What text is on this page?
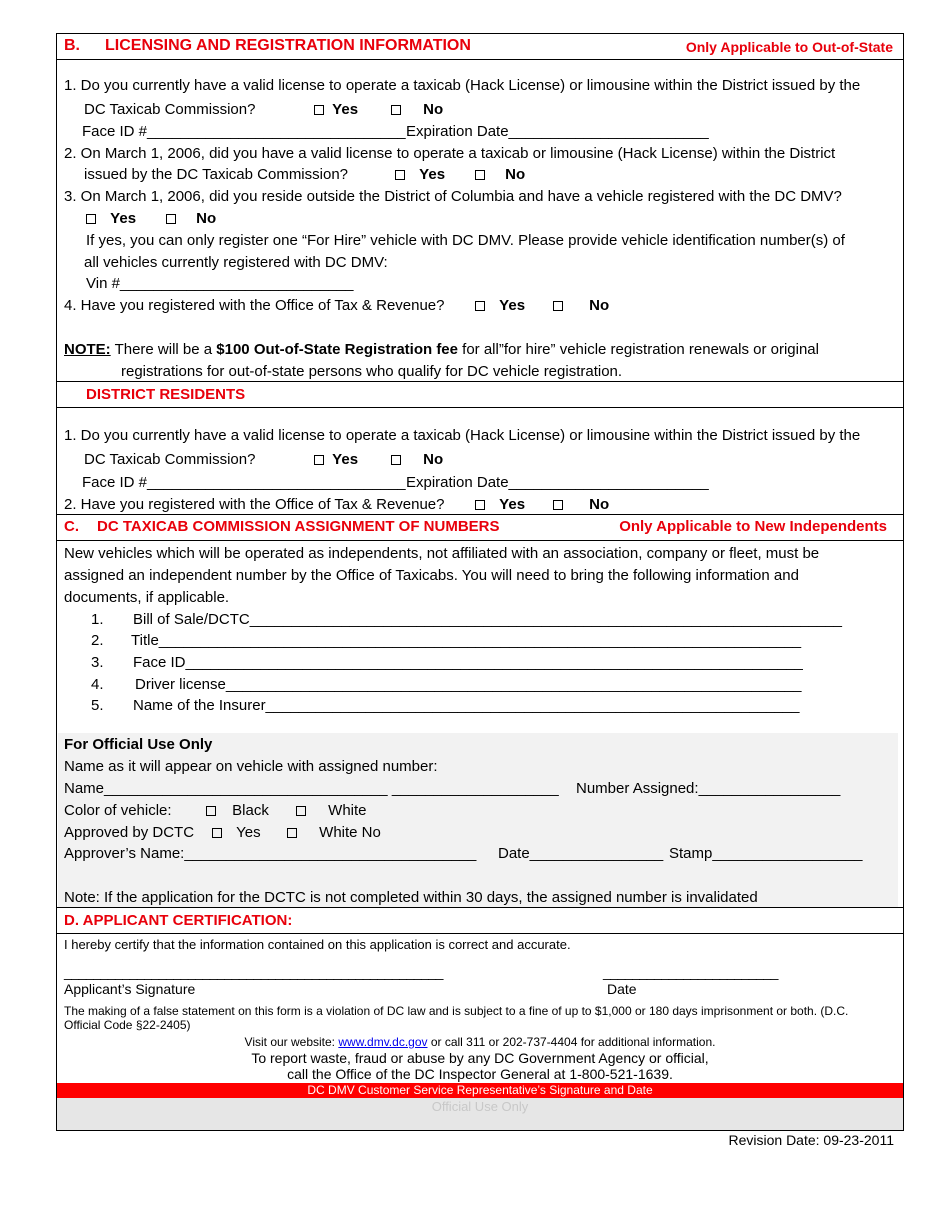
B. LICENSING AND REGISTRATION INFORMATION	Only Applicable to Out-of-State
1. Do you currently have a valid license to operate a taxicab (Hack License) or limousine within the District issued by the
DC Taxicab Commission?	Yes	No
Face ID #_______________________________ Expiration Date________________________
2. On March 1, 2006, did you have a valid license to operate a taxicab or limousine (Hack License) within the District
issued by the DC Taxicab Commission?	Yes	No
3. On March 1, 2006, did you reside outside the District of Columbia and have a vehicle registered with the DC DMV?
Yes	No
If yes, you can only register one “For Hire” vehicle with DC DMV. Please provide vehicle identification number(s) of
all vehicles currently registered with DC DMV:
Vin #____________________________
4. Have you registered with the Office of Tax & Revenue?	Yes	No
NOTE: There will be a $100 Out-of-State Registration fee for all”for hire” vehicle registration renewals or original
registrations for out-of-state persons who qualify for DC vehicle registration.
DISTRICT RESIDENTS
1. Do you currently have a valid license to operate a taxicab (Hack License) or limousine within the District issued by the
DC Taxicab Commission?	Yes	No
Face ID #_______________________________ Expiration Date________________________
2. Have you registered with the Office of Tax & Revenue?	Yes	No
C. DC TAXICAB COMMISSION ASSIGNMENT OF NUMBERS	Only Applicable to New Independents
New vehicles which will be operated as independents, not affiliated with an association, company or fleet, must be
assigned an independent number by the Office of Taxicabs. You will need to bring the following information and
documents, if applicable.
1. Bill of Sale/DCTC_______________________________________________________________________
2. Title_____________________________________________________________________________
3. Face ID__________________________________________________________________________
4. Driver license_____________________________________________________________________
5. Name of the Insurer________________________________________________________________
For Official Use Only
Name as it will appear on vehicle with assigned number:
Name__________________________________ ____________________ Number Assigned:_________________
Color of vehicle:	Black	White
Approved by DCTC	Yes	White No
Approver’s Name:___________________________________ Date________________ Stamp__________________
Note: If the application for the DCTC is not completed within 30 days, the assigned number is invalidated
D. APPLICANT CERTIFICATION:
I hereby certify that the information contained on this application is correct and accurate.
____________________________________________________	________________________
Applicant’s Signature	Date
The making of a false statement on this form is a violation of DC law and is subject to a fine of up to $1,000 or 180 days imprisonment or both. (D.C.
Official Code §22-2405)
Visit our website: www.dmv.dc.gov or call 311 or 202-737-4404 for additional information.
To report waste, fraud or abuse by any DC Government Agency or official,
call the Office of the DC Inspector General at 1-800-521-1639.
DC DMV Customer Service Representative’s Signature and Date
Official Use Only
Revision Date: 09-23-2011
